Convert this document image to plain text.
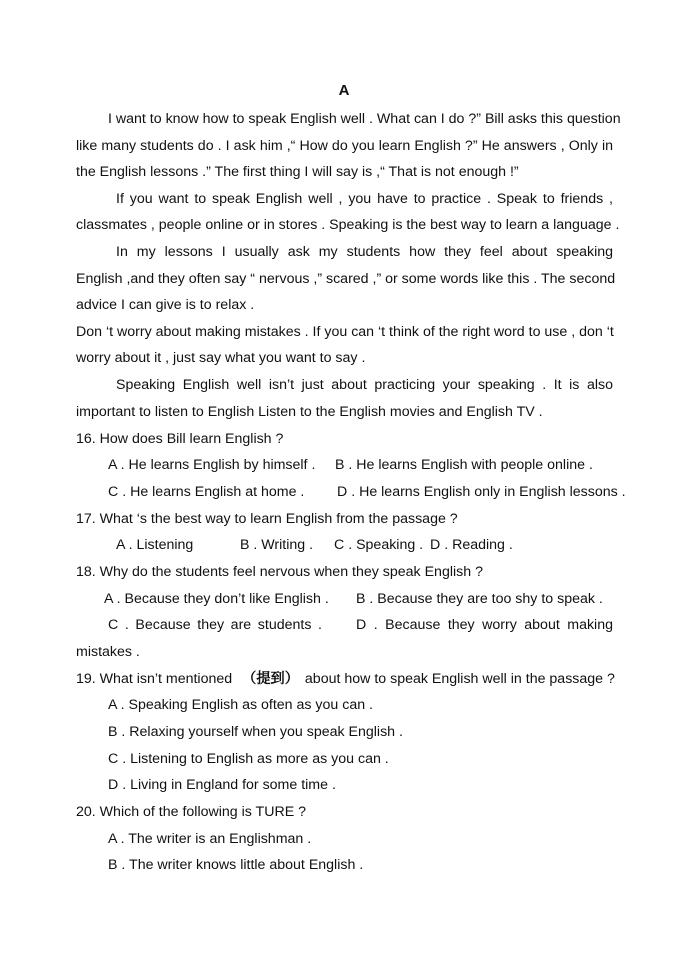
A
I want to know how to speak English well . What can I do ?” Bill asks this question
like many students do . I ask him ,“ How do you learn English ?” He answers , Only in
the English lessons .” The first thing I will say is ,“ That is not enough !”
If you want to speak English well , you have to practice . Speak to friends ,
classmates , people online or in stores . Speaking is the best way to learn a language .
In my lessons I usually ask my students how they feel about speaking
English ,and they often say “ nervous ,” scared ,” or some words like this . The second
advice I can give is to relax .
Don ‘t worry about making mistakes . If you can ‘t think of the right word to use , don ‘t
worry about it , just say what you want to say .
Speaking English well isn’t just about practicing your speaking . It is also
important to listen to English Listen to the English movies and English TV .
16. How does Bill learn English ?
A . He learns English by himself . B . He learns English with people online .
C . He learns English at home . D . He learns English only in English lessons .
17. What ‘s the best way to learn English from the passage ?
A . Listening	B . Writing . C . Speaking . D . Reading .
18. Why do the students feel nervous when they speak English ?
A . Because they don’t like English . B . Because they are too shy to speak .
C . Because they are students . D . Because they worry about making
mistakes .
19. What isn’t mentioned （提到） about how to speak English well in the passage ?
A . Speaking English as often as you can .
B . Relaxing yourself when you speak English .
C . Listening to English as more as you can .
D . Living in England for some time .
20. Which of the following is TURE ?
A . The writer is an Englishman .
B . The writer knows little about English .
